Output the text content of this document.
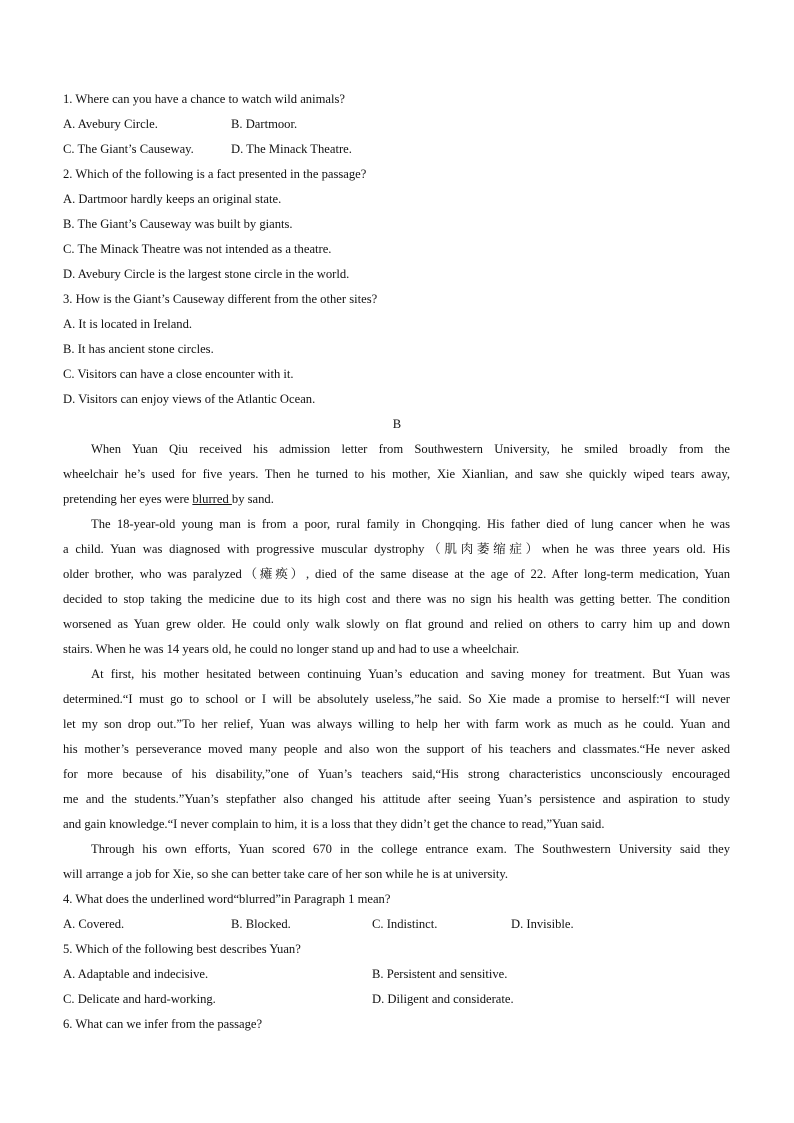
1. Where can you have a chance to watch wild animals?
A. Avebury Circle.	B. Dartmoor.
C. The Giant’s Causeway.	D. The Minack Theatre.
2. Which of the following is a fact presented in the passage?
A. Dartmoor hardly keeps an original state.
B. The Giant’s Causeway was built by giants.
C. The Minack Theatre was not intended as a theatre.
D. Avebury Circle is the largest stone circle in the world.
3. How is the Giant’s Causeway different from the other sites?
A. It is located in Ireland.
B. It has ancient stone circles.
C. Visitors can have a close encounter with it.
D. Visitors can enjoy views of the Atlantic Ocean.
B
When Yuan Qiu received his admission letter from Southwestern University, he smiled broadly from the
wheelchair he’s used for five years. Then he turned to his mother, Xie Xianlian, and saw she quickly wiped tears away,
pretending her eyes were blurred by sand.
The 18-year-old young man is from a poor, rural family in Chongqing. His father died of lung cancer when he was
a child. Yuan was diagnosed with progressive muscular dystrophy（肌肉萎缩症）when he was three years old. His
older brother, who was paralyzed（瘫痪）, died of the same disease at the age of 22. After long-term medication, Yuan
decided to stop taking the medicine due to its high cost and there was no sign his health was getting better. The condition
worsened as Yuan grew older. He could only walk slowly on flat ground and relied on others to carry him up and down
stairs. When he was 14 years old, he could no longer stand up and had to use a wheelchair.
At first, his mother hesitated between continuing Yuan’s education and saving money for treatment. But Yuan was
determined.“I must go to school or I will be absolutely useless,”he said. So Xie made a promise to herself:“I will never
let my son drop out.”To her relief, Yuan was always willing to help her with farm work as much as he could. Yuan and
his mother’s perseverance moved many people and also won the support of his teachers and classmates.“He never asked
for more because of his disability,”one of Yuan’s teachers said,“His strong characteristics unconsciously encouraged
me and the students.”Yuan’s stepfather also changed his attitude after seeing Yuan’s persistence and aspiration to study
and gain knowledge.“I never complain to him, it is a loss that they didn’t get the chance to read,”Yuan said.
Through his own efforts, Yuan scored 670 in the college entrance exam. The Southwestern University said they
will arrange a job for Xie, so she can better take care of her son while he is at university.
4. What does the underlined word“blurred”in Paragraph 1 mean?
A. Covered.	B. Blocked.	C. Indistinct.	D. Invisible.
5. Which of the following best describes Yuan?
A. Adaptable and indecisive.	B. Persistent and sensitive.
C. Delicate and hard-working.	D. Diligent and considerate.
6. What can we infer from the passage?
